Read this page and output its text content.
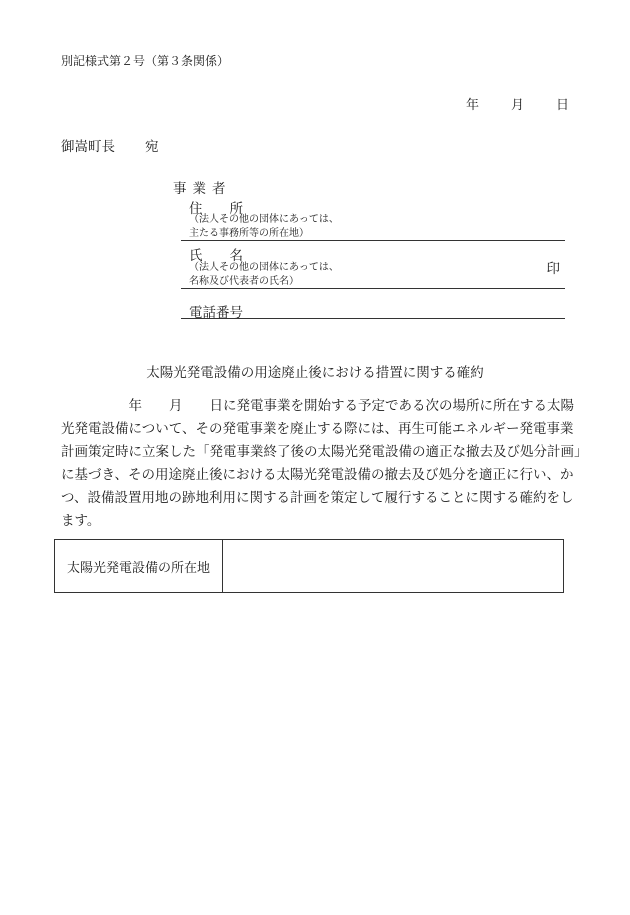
別記様式第２号（第３条関係）
年 月 日
御嵩町長 宛
事業者
住　　所
（法人その他の団体にあっては、
主たる事務所等の所在地）
氏　　名
（法人その他の団体にあっては、
名称及び代表者の氏名）
印
電話番号
太陽光発電設備の用途廃止後における措置に関する確約

　　　　　年　　月　　日に発電事業を開始する予定である次の場所に所在する太陽光発電設備について、その発電事業を廃止する際には、再生可能エネルギー発電事業計画策定時に立案した「発電事業終了後の太陽光発電設備の適正な撤去及び処分計画」に基づき、その用途廃止後における太陽光発電設備の撤去及び処分を適正に行い、かつ、設備設置用地の跡地利用に関する計画を策定して履行することに関する確約をします。

太陽光発電設備の所在地
